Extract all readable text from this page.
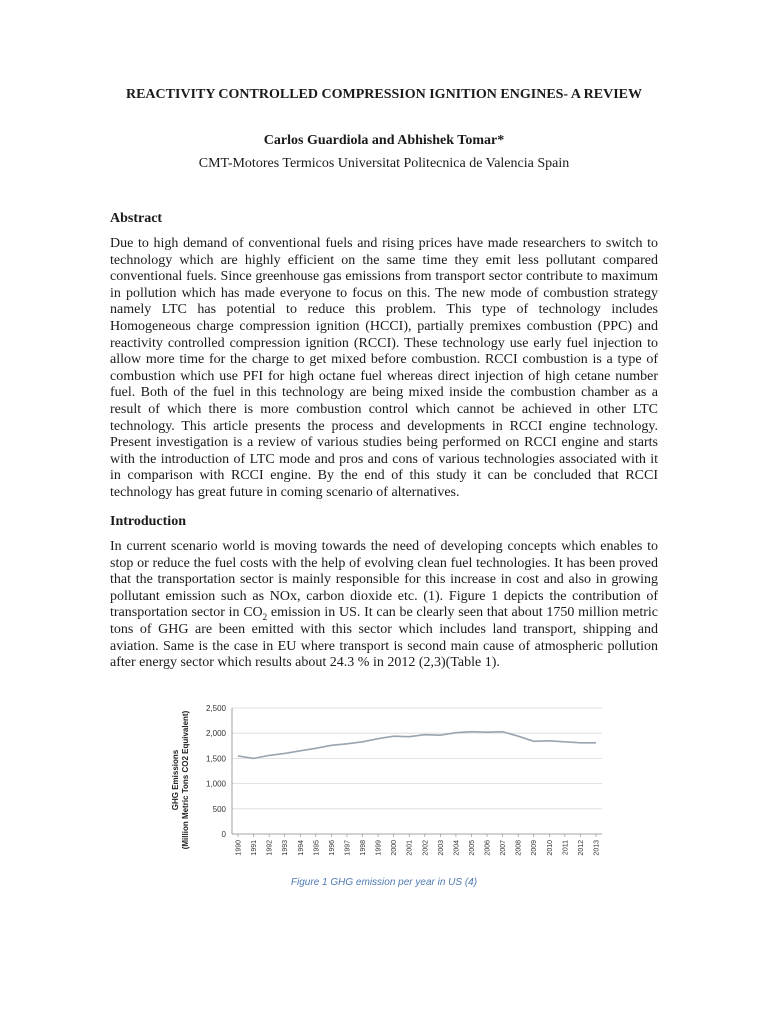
REACTIVITY CONTROLLED COMPRESSION IGNITION ENGINES- A REVIEW
Carlos Guardiola and Abhishek Tomar*
CMT-Motores Termicos Universitat Politecnica de Valencia Spain
Abstract

Due to high demand of conventional fuels and rising prices have made researchers to switch to technology which are highly efficient on the same time they emit less pollutant compared conventional fuels. Since greenhouse gas emissions from transport sector contribute to maximum in pollution which has made everyone to focus on this. The new mode of combustion strategy namely LTC has potential to reduce this problem. This type of technology includes Homogeneous charge compression ignition (HCCI), partially premixes combustion (PPC) and reactivity controlled compression ignition (RCCI). These technology use early fuel injection to allow more time for the charge to get mixed before combustion. RCCI combustion is a type of combustion which use PFI for high octane fuel whereas direct injection of high cetane number fuel. Both of the fuel in this technology are being mixed inside the combustion chamber as a result of which there is more combustion control which cannot be achieved in other LTC technology. This article presents the process and developments in RCCI engine technology. Present investigation is a review of various studies being performed on RCCI engine and starts with the introduction of LTC mode and pros and cons of various technologies associated with it in comparison with RCCI engine. By the end of this study it can be concluded that RCCI technology has great future in coming scenario of alternatives.

Introduction

In current scenario world is moving towards the need of developing concepts which enables to stop or reduce the fuel costs with the help of evolving clean fuel technologies. It has been proved that the transportation sector is mainly responsible for this increase in cost and also in growing pollutant emission such as NOx, carbon dioxide etc. (1). Figure 1 depicts the contribution of transportation sector in $CO_2$ emission in US. It can be clearly seen that about 1750 million metric tons of GHG are been emitted with this sector which includes land transport, shipping and aviation. Same is the case in EU where transport is second main cause of atmospheric pollution after energy sector which results about 24.3 % in 2012 (2,3)(Table 1).

GHG Emissions (Million Metric Tons CO2 Equivalent)	0
500
1,000
1,500
2,000
2,500
1990 1991 1992 1993 1994 1995 1996 1997 1998 1999 2000 2001 2002 2003 2004 2005 2006 2007 2008 2009 2010 2011 2012 2013
Figure 1 GHG emission per year in US (4)
